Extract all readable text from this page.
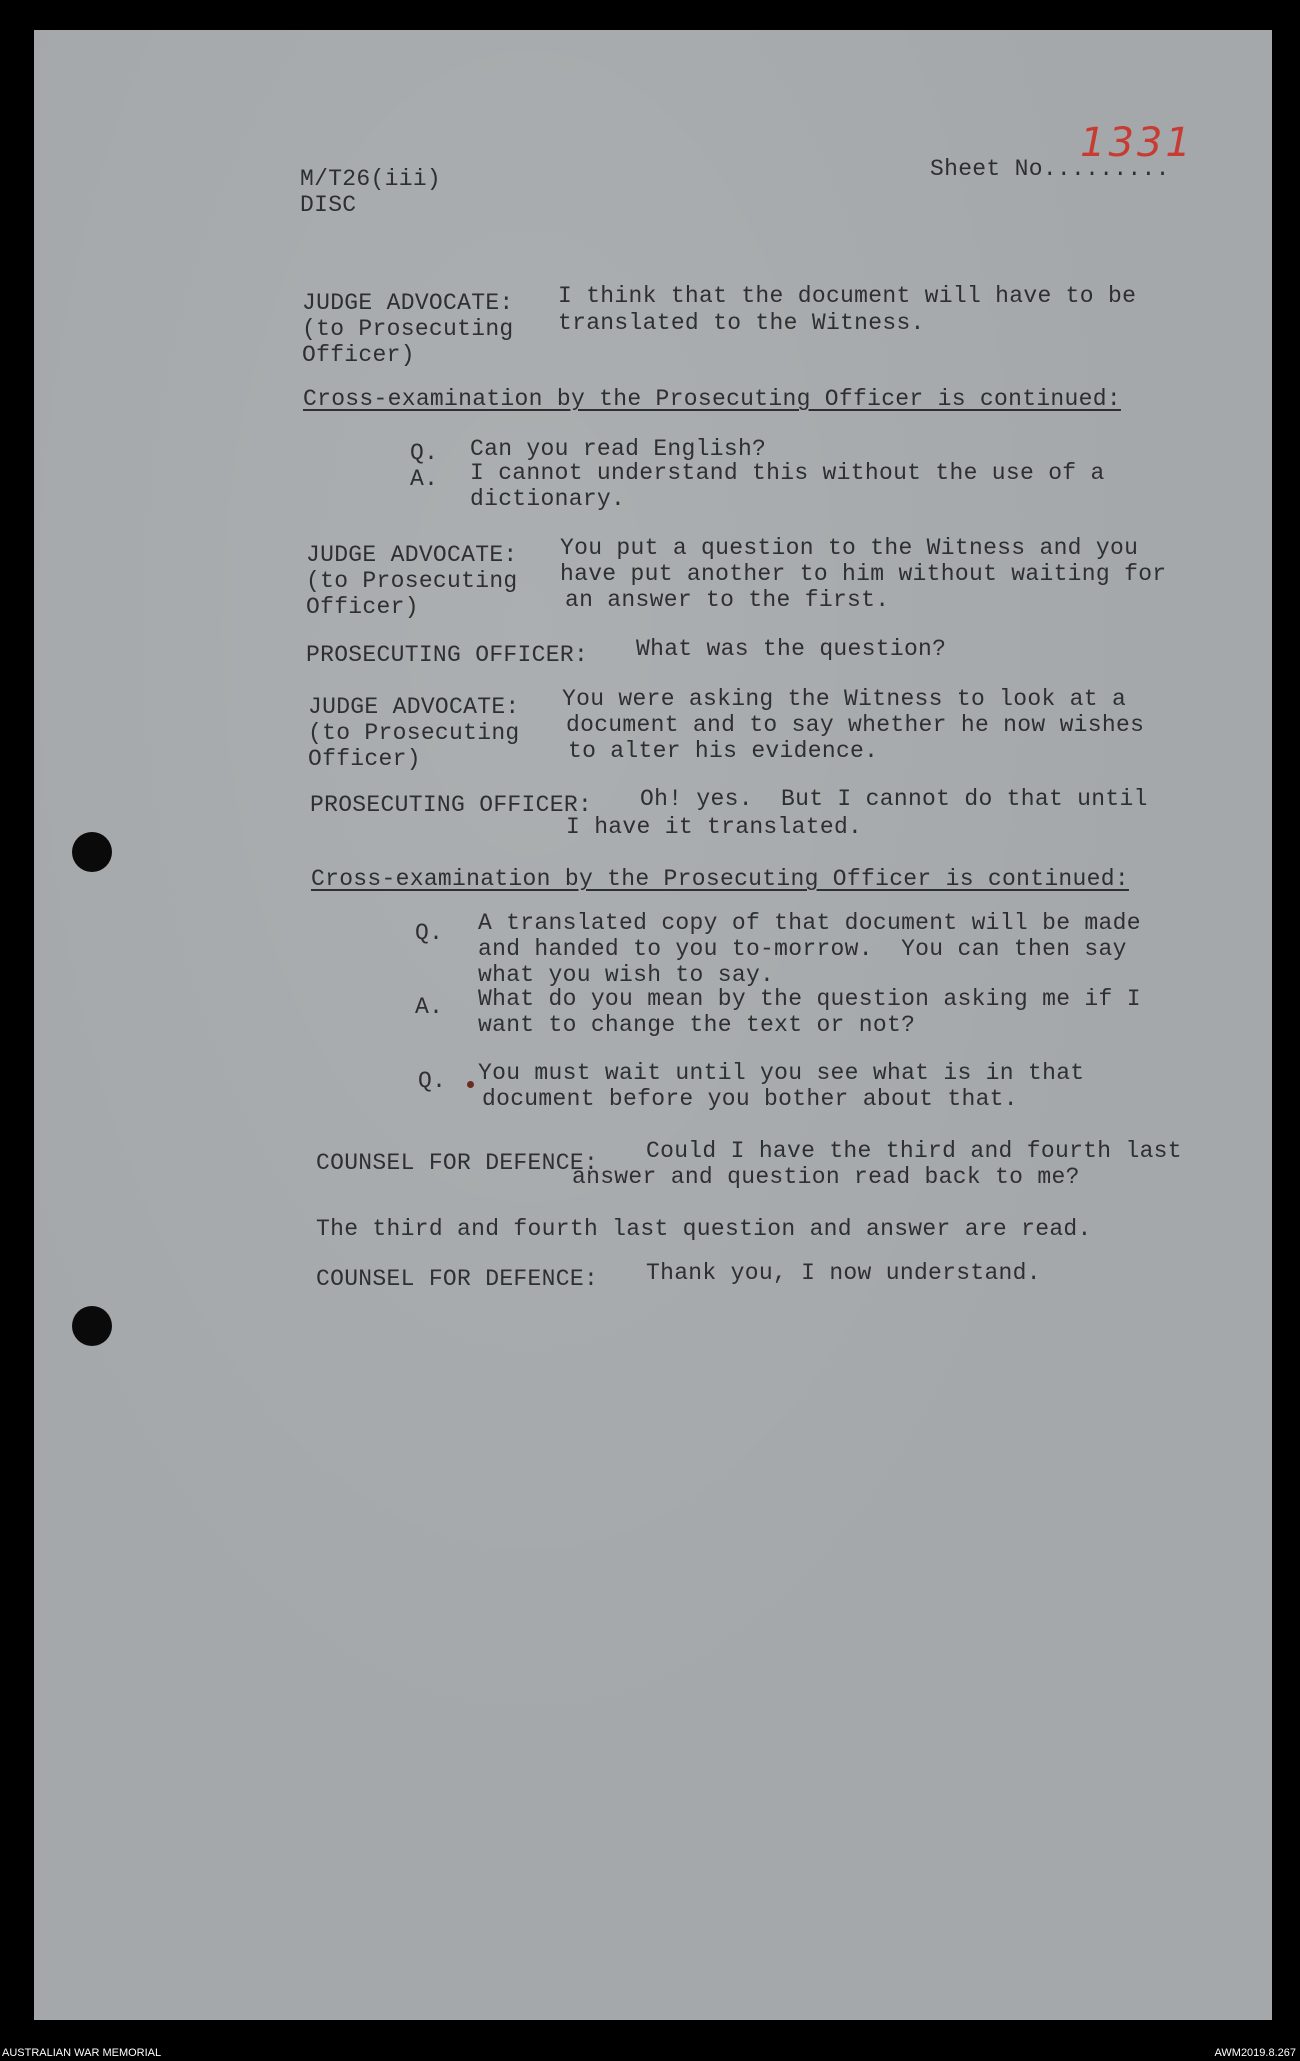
M/T26(iii)
DISC
Sheet No.........
1331
JUDGE ADVOCATE:
(to Prosecuting
Officer)
I think that the document will have to be
translated to the Witness.
Cross-examination by the Prosecuting Officer is continued:
Q. Can you read English?
A. I cannot understand this without the use of a
dictionary.
JUDGE ADVOCATE:
(to Prosecuting
Officer)
You put a question to the Witness and you
have put another to him without waiting for
an answer to the first.
PROSECUTING OFFICER: What was the question?
JUDGE ADVOCATE:
(to Prosecuting
Officer)
You were asking the Witness to look at a
document and to say whether he now wishes
to alter his evidence.
PROSECUTING OFFICER: Oh! yes.  But I cannot do that until
I have it translated.
Cross-examination by the Prosecuting Officer is continued:
Q. A translated copy of that document will be made
and handed to you to-morrow.  You can then say
what you wish to say.
A. What do you mean by the question asking me if I
want to change the text or not?
Q. You must wait until you see what is in that
document before you bother about that.
COUNSEL FOR DEFENCE: Could I have the third and fourth last
answer and question read back to me?
The third and fourth last question and answer are read.
COUNSEL FOR DEFENCE: Thank you, I now understand.
AUSTRALIAN WAR MEMORIAL	AWM2019.8.267
